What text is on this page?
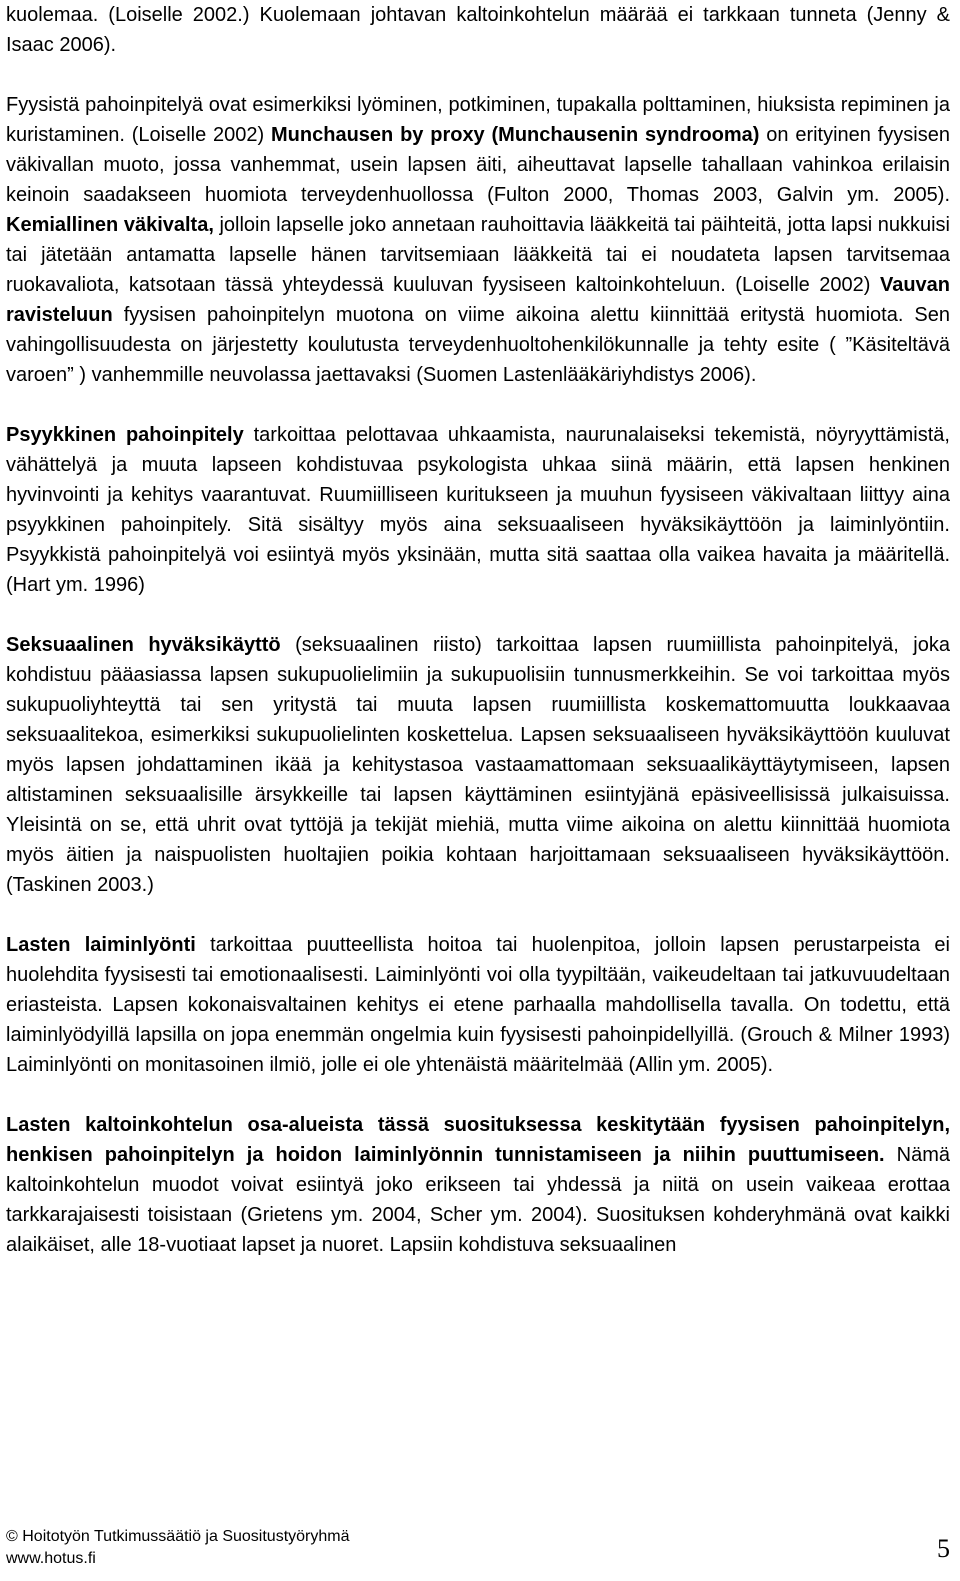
kuolemaa. (Loiselle 2002.) Kuolemaan johtavan kaltoinkohtelun määrää ei tarkkaan tunneta (Jenny & Isaac 2006).

Fyysistä pahoinpitelyä ovat esimerkiksi lyöminen, potkiminen, tupakalla polttaminen, hiuksista repiminen ja kuristaminen. (Loiselle 2002) Munchausen by proxy (Munchausenin syndrooma) on erityinen fyysisen väkivallan muoto, jossa vanhemmat, usein lapsen äiti, aiheuttavat lapselle tahallaan vahinkoa erilaisin keinoin saadakseen huomiota terveydenhuollossa (Fulton 2000, Thomas 2003, Galvin ym. 2005). Kemiallinen väkivalta, jolloin lapselle joko annetaan rauhoittavia lääkkeitä tai päihteitä, jotta lapsi nukkuisi tai jätetään antamatta lapselle hänen tarvitsemiaan lääkkeitä tai ei noudateta lapsen tarvitsemaa ruokavaliota, katsotaan tässä yhteydessä kuuluvan fyysiseen kaltoinkohteluun. (Loiselle 2002) Vauvan ravisteluun fyysisen pahoinpitelyn muotona on viime aikoina alettu kiinnittää eritystä huomiota. Sen vahingollisuudesta on järjestetty koulutusta terveydenhuoltohenkilökunnalle ja tehty esite ( ”Käsiteltävä varoen” ) vanhemmille neuvolassa jaettavaksi (Suomen Lastenlääkäriyhdistys 2006).

Psyykkinen pahoinpitely tarkoittaa pelottavaa uhkaamista, naurunalaiseksi tekemistä, nöyryyttämistä, vähättelyä ja muuta lapseen kohdistuvaa psykologista uhkaa siinä määrin, että lapsen henkinen hyvinvointi ja kehitys vaarantuvat. Ruumiilliseen kuritukseen ja muuhun fyysiseen väkivaltaan liittyy aina psyykkinen pahoinpitely. Sitä sisältyy myös aina seksuaaliseen hyväksikäyttöön ja laiminlyöntiin. Psyykkistä pahoinpitelyä voi esiintyä myös yksinään, mutta sitä saattaa olla vaikea havaita ja määritellä. (Hart ym. 1996)

Seksuaalinen hyväksikäyttö (seksuaalinen riisto) tarkoittaa lapsen ruumiillista pahoinpitelyä, joka kohdistuu pääasiassa lapsen sukupuolielimiin ja sukupuolisiin tunnusmerkkeihin. Se voi tarkoittaa myös sukupuoliyhteyttä tai sen yritystä tai muuta lapsen ruumiillista koskemattomuutta loukkaavaa seksuaalitekoa, esimerkiksi sukupuolielinten koskettelua. Lapsen seksuaaliseen hyväksikäyttöön kuuluvat myös lapsen johdattaminen ikää ja kehitystasoa vastaamattomaan seksuaalikäyttäytymiseen, lapsen altistaminen seksuaalisille ärsykkeille tai lapsen käyttäminen esiintyjänä epäsiveellisissä julkaisuissa. Yleisintä on se, että uhrit ovat tyttöjä ja tekijät miehiä, mutta viime aikoina on alettu kiinnittää huomiota myös äitien ja naispuolisten huoltajien poikia kohtaan harjoittamaan seksuaaliseen hyväksikäyttöön. (Taskinen 2003.)

Lasten laiminlyönti tarkoittaa puutteellista hoitoa tai huolenpitoa, jolloin lapsen perustarpeista ei huolehdita fyysisesti tai emotionaalisesti. Laiminlyönti voi olla tyypiltään, vaikeudeltaan tai jatkuvuudeltaan eriasteista. Lapsen kokonaisvaltainen kehitys ei etene parhaalla mahdollisella tavalla. On todettu, että laiminlyödyillä lapsilla on jopa enemmän ongelmia kuin fyysisesti pahoinpidellyillä. (Grouch & Milner 1993) Laiminlyönti on monitasoinen ilmiö, jolle ei ole yhtenäistä määritelmää (Allin ym. 2005).

Lasten kaltoinkohtelun osa-alueista tässä suosituksessa keskitytään fyysisen pahoinpitelyn, henkisen pahoinpitelyn ja hoidon laiminlyönnin tunnistamiseen ja niihin puuttumiseen. Nämä kaltoinkohtelun muodot voivat esiintyä joko erikseen tai yhdessä ja niitä on usein vaikeaa erottaa tarkkarajaisesti toisistaan (Grietens ym. 2004, Scher ym. 2004). Suosituksen kohderyhmänä ovat kaikki alaikäiset, alle 18-vuotiaat lapset ja nuoret. Lapsiin kohdistuva seksuaalinen

© Hoitotyön Tutkimussäätiö ja Suositustyöryhmä
www.hotus.fi	5
